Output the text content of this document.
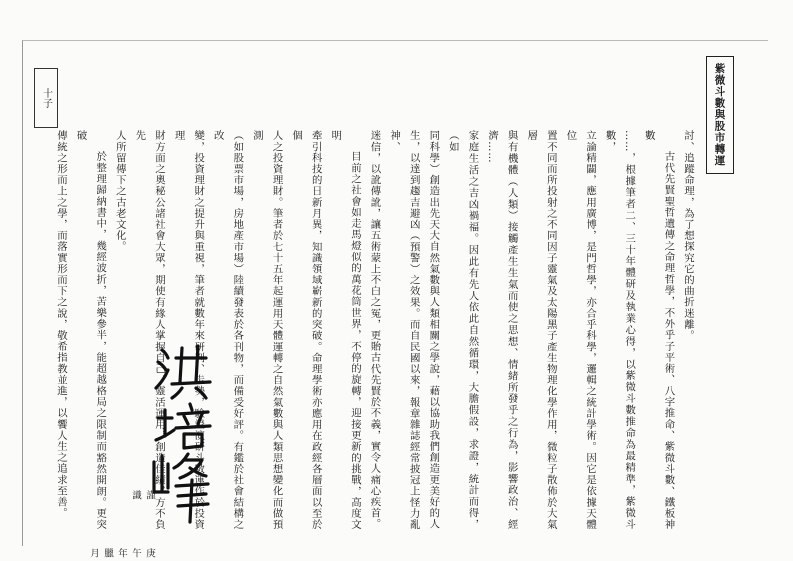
十子	紫微斗數與股市轉運

討、追蹤命理，為了想探究它的曲折迷離。

古代先賢聖哲遺傳之命理哲學，不外乎子平術、八字推命、紫微斗數、鐵板神數

……，根據筆者二、三十年體研及執業心得，以紫微斗數推命為最精準，紫微斗數，

立論精闢，應用廣博，是門哲學，亦合乎科學，邏輯之統計學術。因它是依據天體位

置不同而所投射之不同因子靈氣及太陽黑子產生物理化學作用，微粒子散佈於大氣層

與有機體（人類）接觸產生生氣而使之思想、情緒所發乎之行為，影響政治、經濟……

家庭生活之吉凶禍福。因此有先人依此自然循環，大膽假設，求證，統計而得，（如

同科學）創造出先天大自然氣數與人類相關之學說，藉以協助我們創造更美好的人

生，以達到趨吉避凶（預警）之效果。而自民國以來，報章雜誌經常披冠上怪力亂神、

迷信，以訛傳訛，讓五術蒙上不白之冤，更貽古代先賢於不義，實令人痛心疾首。

目前之社會如走馬燈似的萬花筒世界，不停的旋轉，迎接更新的挑戰，高度文明

牽引科技的日新月異，知識領域嶄新的突破。命理學術亦應用在政經各層面以至於個

人之投資理財。筆者於七十五年起運用天體運轉之自然氣數與人類思想變化而做預測

（如股票市場，房地產市場）陸續發表於各刊物，而備受好評。有鑑於社會結構之改

變，投資理財之提升與重視，筆者就數年來研判、走勢，驗證演研斗數運作於投資理

財方面之奧秘公諸社會大眾，期使有緣人掌握自己，靈活運用，創造佳績，方不負先

人所留傳下之古老文化。

於整理歸納書中，幾經波折，苦樂參半，能超越格局之限制而豁然開朗。更突破

傳統之形而上之學，而落實形而下之說，敬希指教並進，以饗人生之追求至善。	謹識
庚午年臘月
